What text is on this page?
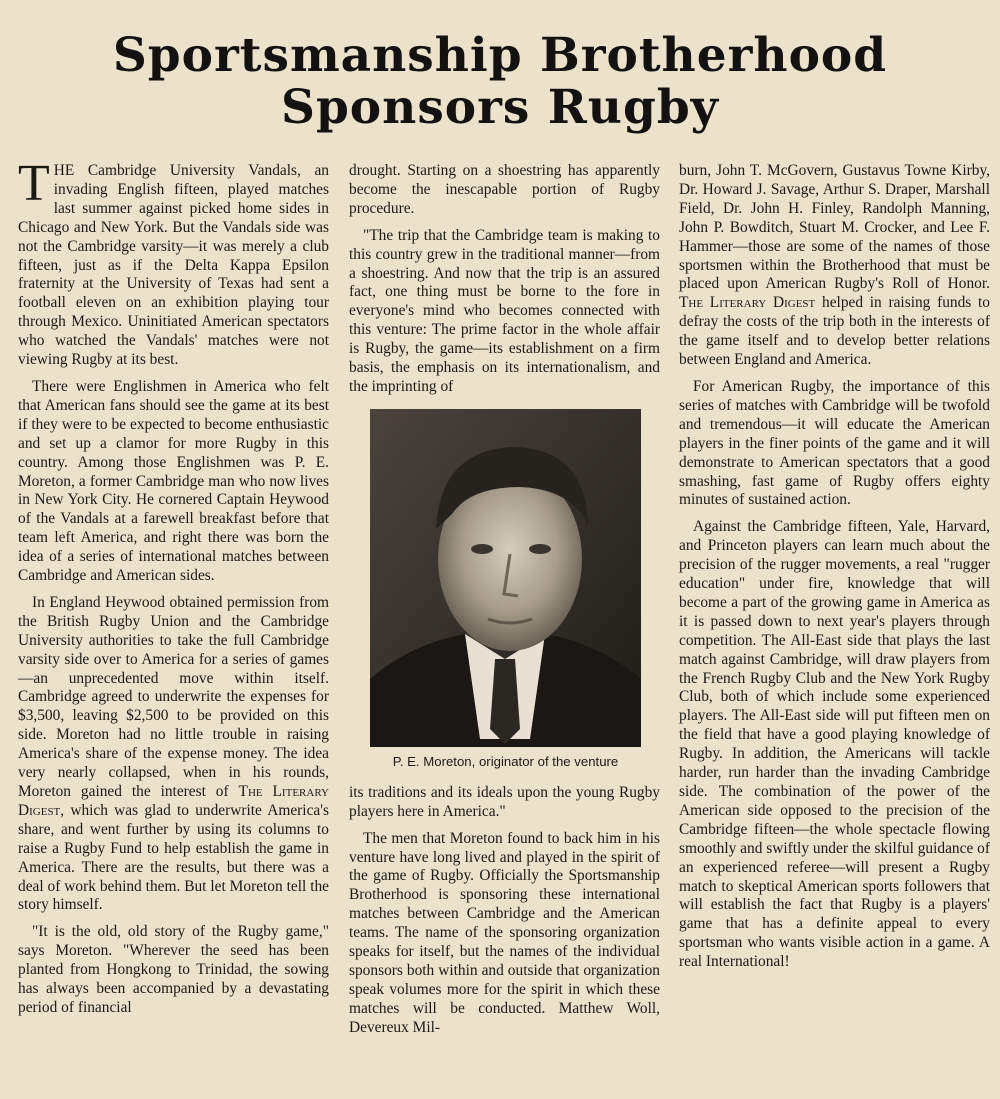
Sportsmanship Brotherhood
Sponsors Rugby

THE Cambridge University Vandals, an invading English fifteen, played matches last summer against picked home sides in Chicago and New York. But the Vandals side was not the Cambridge varsity—it was merely a club fifteen, just as if the Delta Kappa Epsilon fraternity at the University of Texas had sent a football eleven on an exhibition playing tour through Mexico. Uninitiated American spectators who watched the Vandals' matches were not viewing Rugby at its best.

There were Englishmen in America who felt that American fans should see the game at its best if they were to be expected to become enthusiastic and set up a clamor for more Rugby in this country. Among those Englishmen was P. E. Moreton, a former Cambridge man who now lives in New York City. He cornered Captain Heywood of the Vandals at a farewell breakfast before that team left America, and right there was born the idea of a series of international matches between Cambridge and American sides.

In England Heywood obtained permission from the British Rugby Union and the Cambridge University authorities to take the full Cambridge varsity side over to America for a series of games—an unprecedented move within itself. Cambridge agreed to underwrite the expenses for $3,500, leaving $2,500 to be provided on this side. Moreton had no little trouble in raising America's share of the expense money. The idea very nearly collapsed, when in his rounds, Moreton gained the interest of The Literary Digest, which was glad to underwrite America's share, and went further by using its columns to raise a Rugby Fund to help establish the game in America. There are the results, but there was a deal of work behind them. But let Moreton tell the story himself.

"It is the old, old story of the Rugby game," says Moreton. "Wherever the seed has been planted from Hongkong to Trinidad, the sowing has always been accompanied by a devastating period of financial

drought. Starting on a shoestring has apparently become the inescapable portion of Rugby procedure.

"The trip that the Cambridge team is making to this country grew in the traditional manner—from a shoestring. And now that the trip is an assured fact, one thing must be borne to the fore in everyone's mind who becomes connected with this venture: The prime factor in the whole affair is Rugby, the game—its establishment on a firm basis, the emphasis on its internationalism, and the imprinting of

P. E. Moreton, originator of the venture

its traditions and its ideals upon the young Rugby players here in America."

The men that Moreton found to back him in his venture have long lived and played in the spirit of the game of Rugby. Officially the Sportsmanship Brotherhood is sponsoring these international matches between Cambridge and the American teams. The name of the sponsoring organization speaks for itself, but the names of the individual sponsors both within and outside that organization speak volumes more for the spirit in which these matches will be conducted. Matthew Woll, Devereux Mil-

burn, John T. McGovern, Gustavus Towne Kirby, Dr. Howard J. Savage, Arthur S. Draper, Marshall Field, Dr. John H. Finley, Randolph Manning, John P. Bowditch, Stuart M. Crocker, and Lee F. Hammer—those are some of the names of those sportsmen within the Brotherhood that must be placed upon American Rugby's Roll of Honor. The Literary Digest helped in raising funds to defray the costs of the trip both in the interests of the game itself and to develop better relations between England and America.

For American Rugby, the importance of this series of matches with Cambridge will be twofold and tremendous—it will educate the American players in the finer points of the game and it will demonstrate to American spectators that a good smashing, fast game of Rugby offers eighty minutes of sustained action.

Against the Cambridge fifteen, Yale, Harvard, and Princeton players can learn much about the precision of the rugger movements, a real "rugger education" under fire, knowledge that will become a part of the growing game in America as it is passed down to next year's players through competition. The All-East side that plays the last match against Cambridge, will draw players from the French Rugby Club and the New York Rugby Club, both of which include some experienced players. The All-East side will put fifteen men on the field that have a good playing knowledge of Rugby. In addition, the Americans will tackle harder, run harder than the invading Cambridge side. The combination of the power of the American side opposed to the precision of the Cambridge fifteen—the whole spectacle flowing smoothly and swiftly under the skilful guidance of an experienced referee—will present a Rugby match to skeptical American sports followers that will establish the fact that Rugby is a players' game that has a definite appeal to every sportsman who wants visible action in a game. A real International!
